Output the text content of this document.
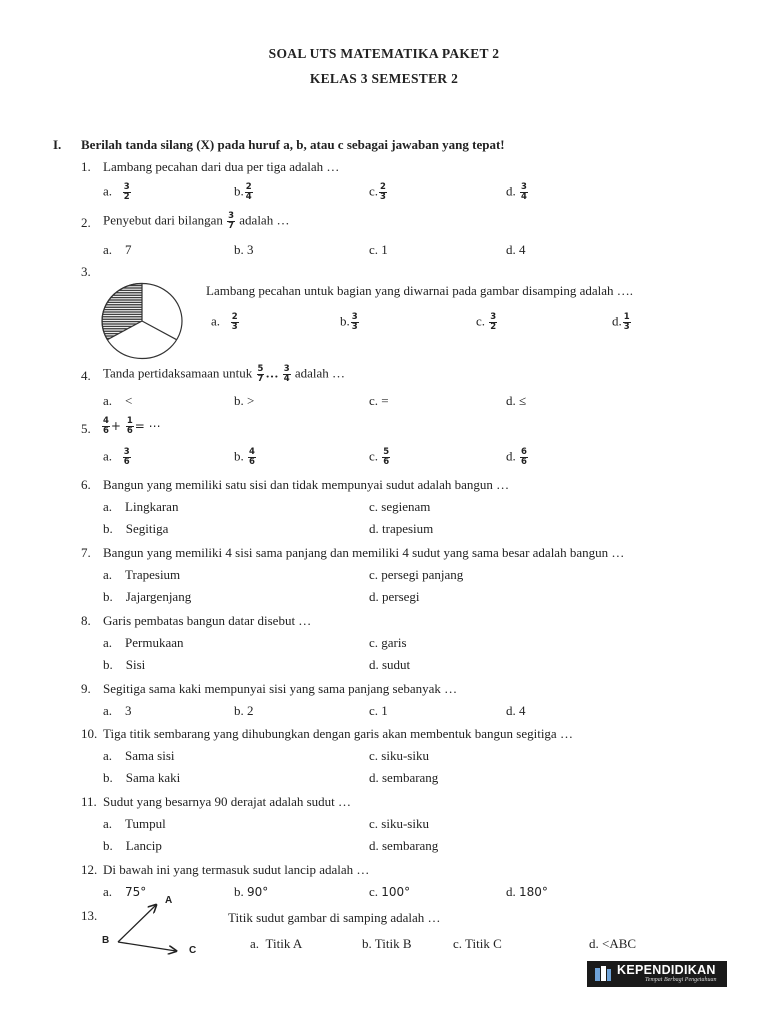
SOAL UTS MATEMATIKA PAKET 2
KELAS 3 SEMESTER 2
I. Berilah tanda silang (X) pada huruf a, b, atau c sebagai jawaban yang tepat!
1. Lambang pecahan dari dua per tiga adalah …
a. $\frac{3}{2}$	b. $\frac{2}{4}$	c. $\frac{2}{3}$	d. $\frac{3}{4}$
2. Penyebut dari bilangan $\frac{3}{7}$ adalah …
a. 7	b. 3	c. 1	d. 4
3.
Lambang pecahan untuk bagian yang diwarnai pada gambar disamping adalah ….
a. $\frac{2}{3}$	b. $\frac{3}{3}$	c. $\frac{3}{2}$	d. $\frac{1}{3}$
4. Tanda pertidaksamaan untuk $\frac{5}{7}$ … $\frac{3}{4}$ adalah …
a. <	b. >	c. =	d. ≤
5. $\frac{4}{6} + \frac{1}{6}$ = ⋯
a. $\frac{3}{6}$	b. $\frac{4}{6}$	c. $\frac{5}{6}$	d. $\frac{6}{6}$
6. Bangun yang memiliki satu sisi dan tidak mempunyai sudut adalah bangun …
a. Lingkaran	c. segienam
b. Segitiga	d. trapesium
7. Bangun yang memiliki 4 sisi sama panjang dan memiliki 4 sudut yang sama besar adalah bangun …
a. Trapesium	c. persegi panjang
b. Jajargenjang	d. persegi
8. Garis pembatas bangun datar disebut …
a. Permukaan	c. garis
b. Sisi	d. sudut
9. Segitiga sama kaki mempunyai sisi yang sama panjang sebanyak …
a. 3	b. 2	c. 1	d. 4
10. Tiga titik sembarang yang dihubungkan dengan garis akan membentuk bangun segitiga …
a. Sama sisi	c. siku-siku
b. Sama kaki	d. sembarang
11. Sudut yang besarnya 90 derajat adalah sudut …
a. Tumpul	c. siku-siku
b. Lancip	d. sembarang
12. Di bawah ini yang termasuk sudut lancip adalah …
a. 75°	b. 90°	c. 100°	d. 180°
13.
A
B
C
Titik sudut gambar di samping adalah …
a. Titik A	b. Titik B	c. Titik C	d. <ABC
KEPENDIDIKAN
Tempat Berbagi Pengetahuan
